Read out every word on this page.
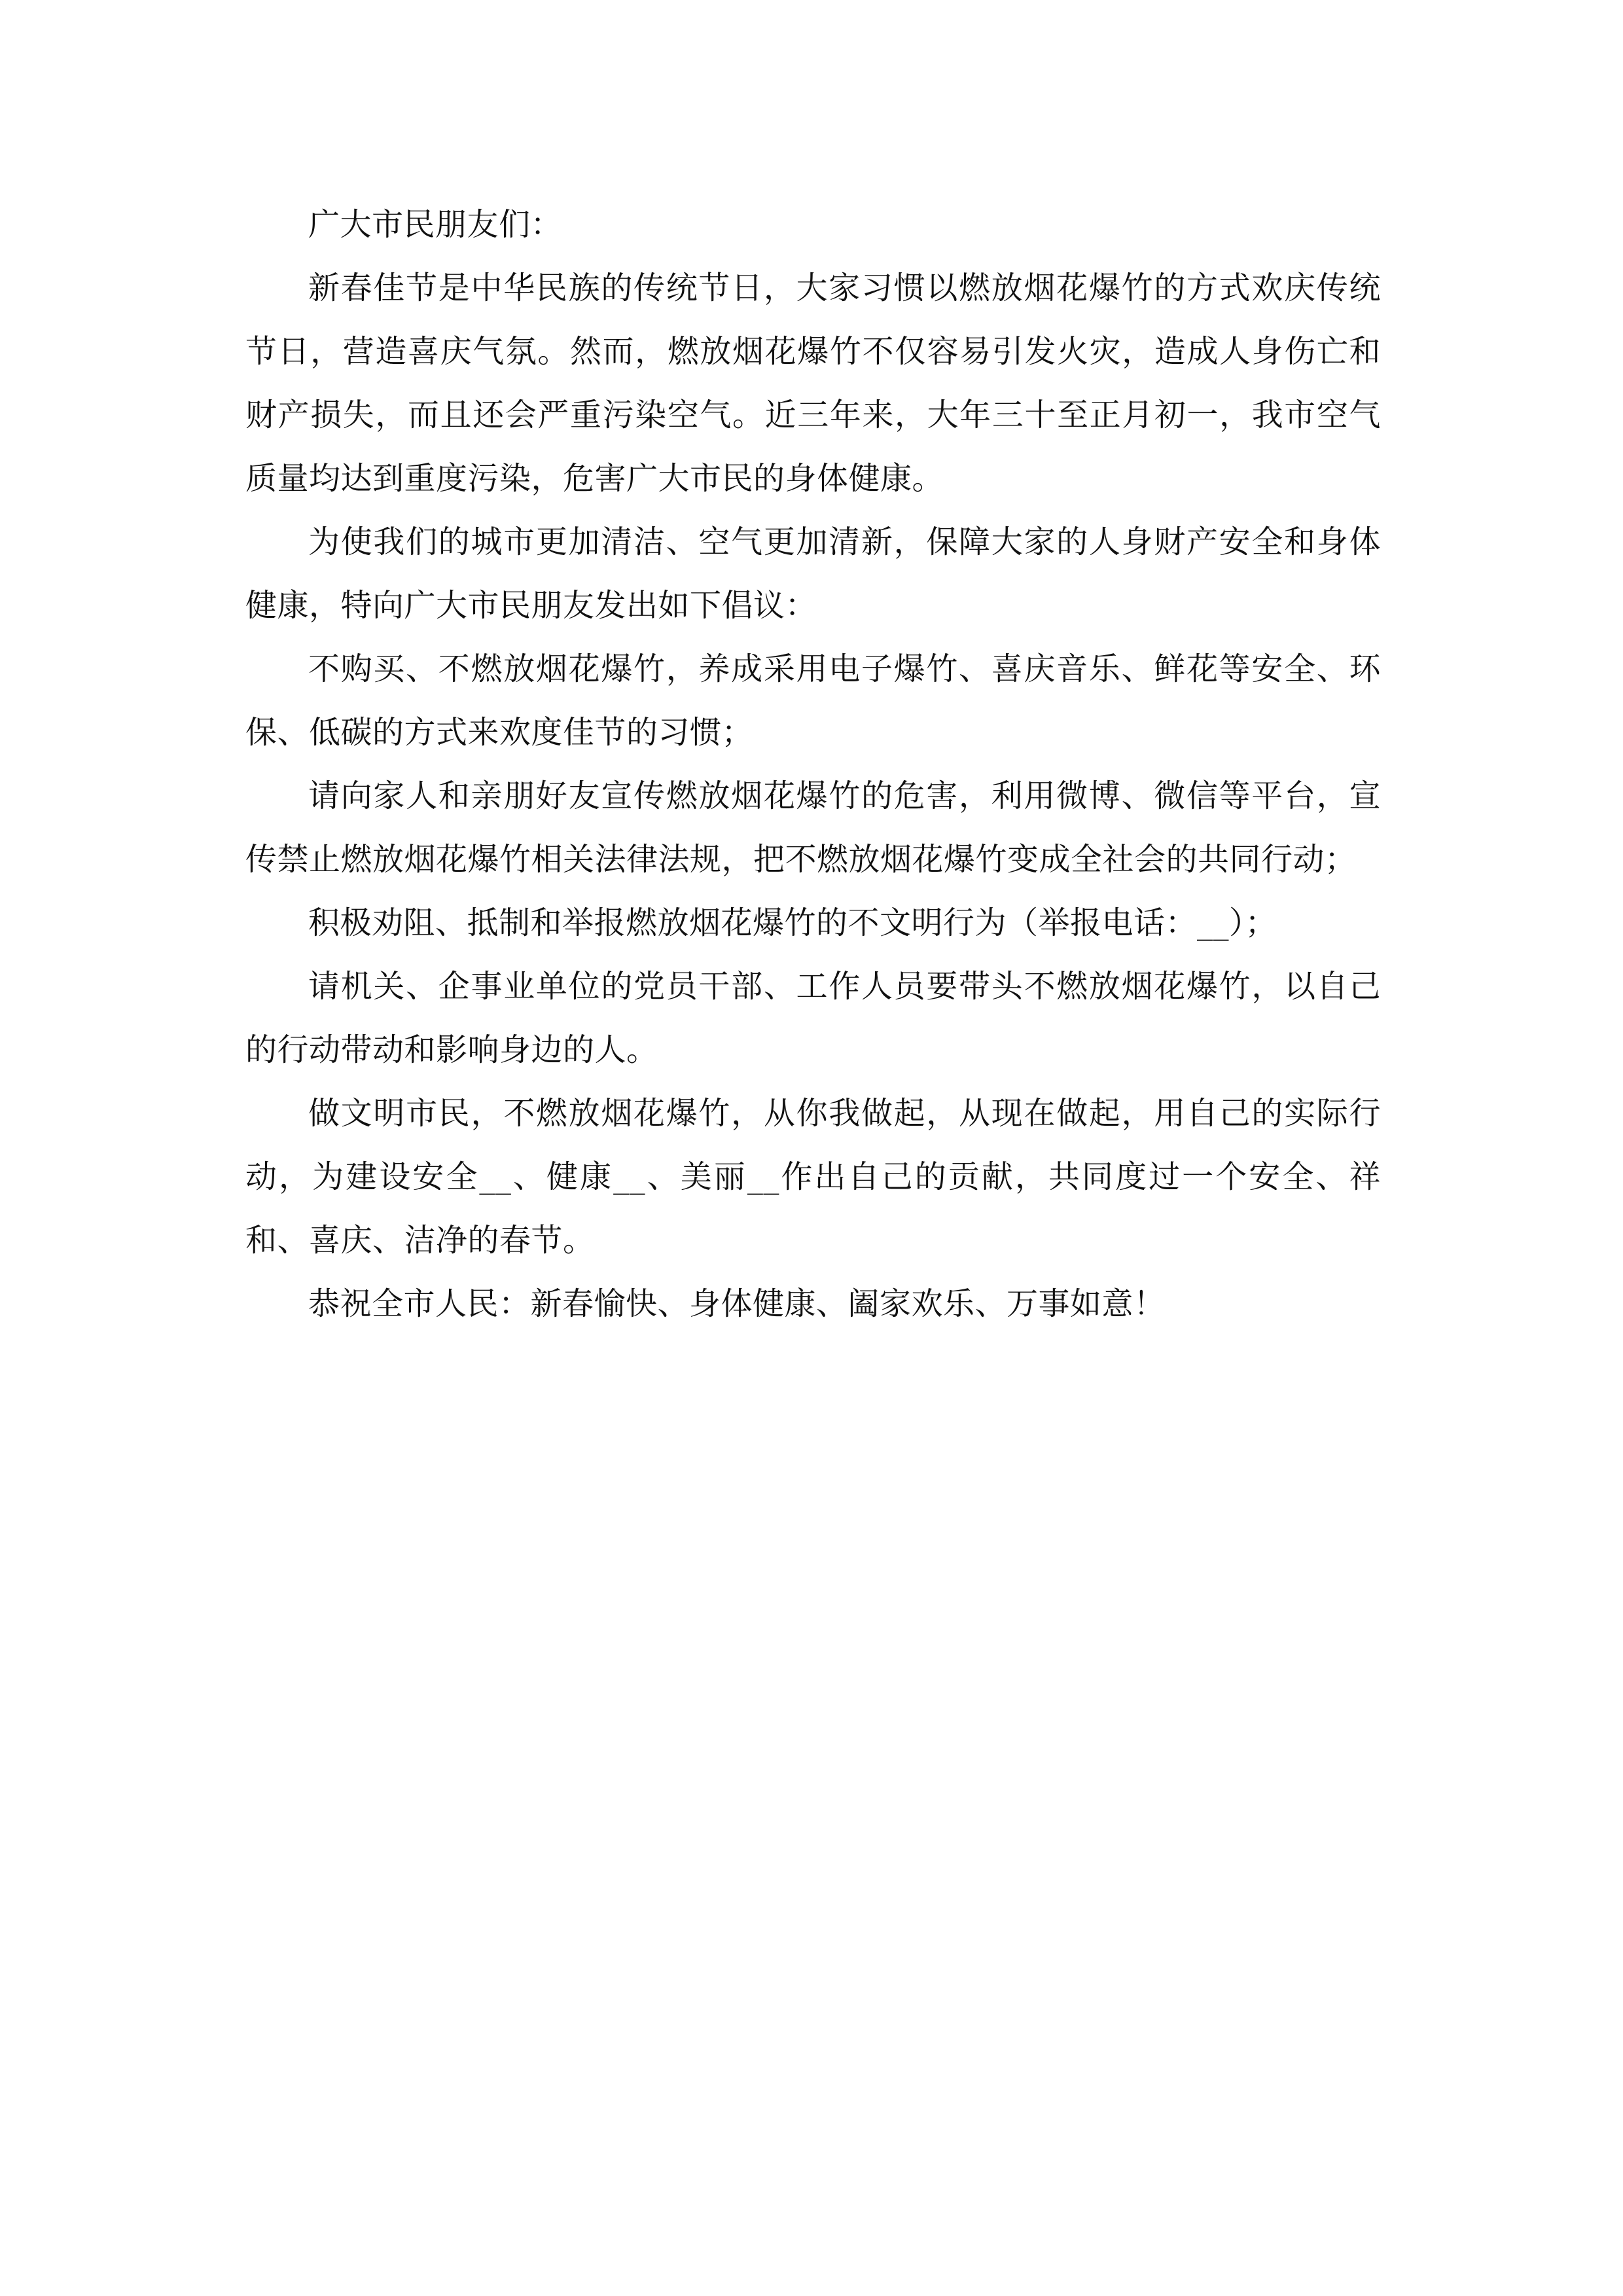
广大市民朋友们：

新春佳节是中华民族的传统节日，大家习惯以燃放烟花爆竹的方式欢庆传统节日，营造喜庆气氛。然而，燃放烟花爆竹不仅容易引发火灾，造成人身伤亡和财产损失，而且还会严重污染空气。近三年来，大年三十至正月初一，我市空气质量均达到重度污染，危害广大市民的身体健康。

为使我们的城市更加清洁、空气更加清新，保障大家的人身财产安全和身体健康，特向广大市民朋友发出如下倡议：

不购买、不燃放烟花爆竹，养成采用电子爆竹、喜庆音乐、鲜花等安全、环保、低碳的方式来欢度佳节的习惯；

请向家人和亲朋好友宣传燃放烟花爆竹的危害，利用微博、微信等平台，宣传禁止燃放烟花爆竹相关法律法规，把不燃放烟花爆竹变成全社会的共同行动；

积极劝阻、抵制和举报燃放烟花爆竹的不文明行为（举报电话：__）；

请机关、企事业单位的党员干部、工作人员要带头不燃放烟花爆竹，以自己的行动带动和影响身边的人。

做文明市民，不燃放烟花爆竹，从你我做起，从现在做起，用自己的实际行动，为建设安全__、健康__、美丽__作出自己的贡献，共同度过一个安全、祥和、喜庆、洁净的春节。

恭祝全市人民：新春愉快、身体健康、阖家欢乐、万事如意！
